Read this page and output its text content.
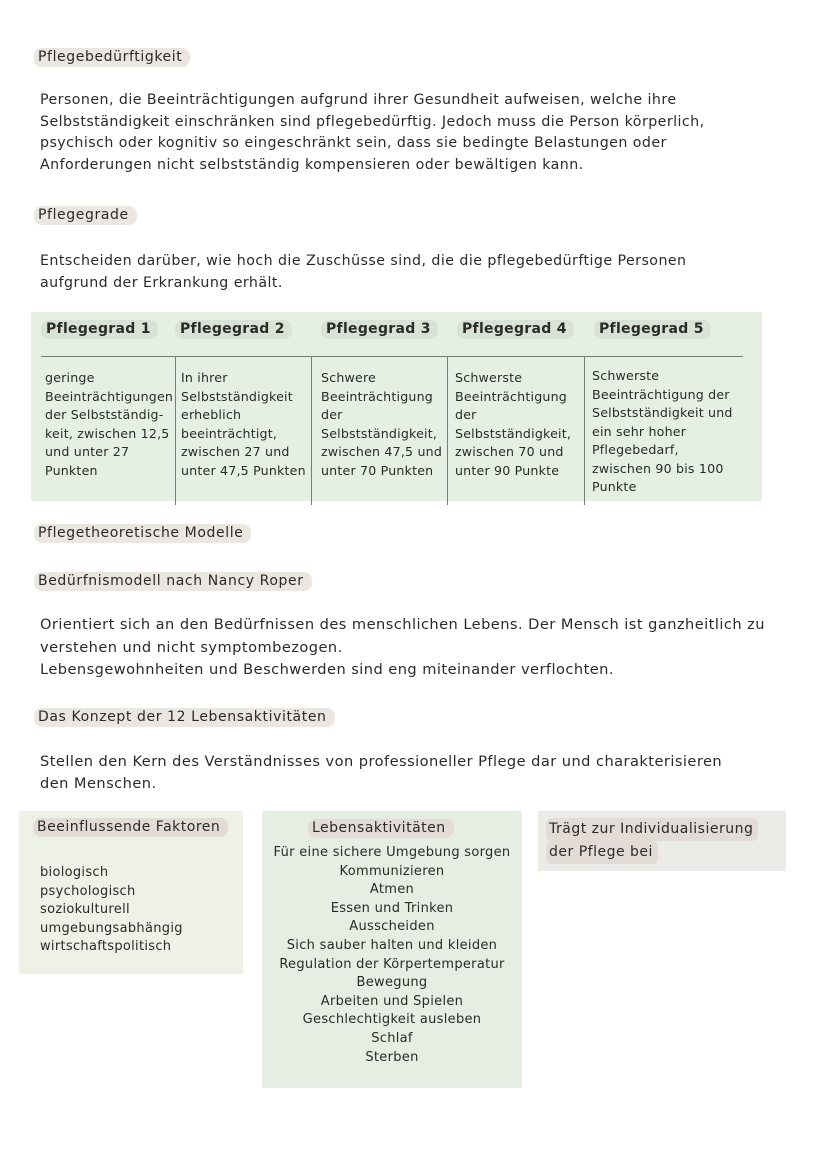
Pflegebedürftigkeit

Personen, die Beeinträchtigungen aufgrund ihrer Gesundheit aufweisen, welche ihre
Selbstständigkeit einschränken sind pflegebedürftig. Jedoch muss die Person körperlich,
psychisch oder kognitiv so eingeschränkt sein, dass sie bedingte Belastungen oder
Anforderungen nicht selbstständig kompensieren oder bewältigen kann.

Pflegegrade

Entscheiden darüber, wie hoch die Zuschüsse sind, die die pflegebedürftige Personen
aufgrund der Erkrankung erhält.

Pflegegrad 1

geringe
Beeinträchtigungen
der Selbstständig-
keit, zwischen 12,5
und unter 27
Punkten

Pflegegrad 2

In ihrer
Selbstständigkeit
erheblich
beeinträchtigt,
zwischen 27 und
unter 47,5 Punkten

Pflegegrad 3

Schwere
Beeinträchtigung
der
Selbstständigkeit,
zwischen 47,5 und
unter 70 Punkten

Pflegegrad 4

Schwerste
Beeinträchtigung
der
Selbstständigkeit,
zwischen 70 und
unter 90 Punkte

Pflegegrad 5

Schwerste
Beeinträchtigung der
Selbstständigkeit und
ein sehr hoher
Pflegebedarf,
zwischen 90 bis 100
Punkte

Pflegetheoretische Modelle
Bedürfnismodell nach Nancy Roper

Orientiert sich an den Bedürfnissen des menschlichen Lebens. Der Mensch ist ganzheitlich zu
verstehen und nicht symptombezogen.
Lebensgewohnheiten und Beschwerden sind eng miteinander verflochten.

Das Konzept der 12 Lebensaktivitäten

Stellen den Kern des Verständnisses von professioneller Pflege dar und charakterisieren
den Menschen.

Beeinflussende Faktoren
biologisch
psychologisch
soziokulturell
umgebungsabhängig
wirtschaftspolitisch
Lebensaktivitäten
Für eine sichere Umgebung sorgen
Kommunizieren
Atmen
Essen und Trinken
Ausscheiden
Sich sauber halten und kleiden
Regulation der Körpertemperatur
Bewegung
Arbeiten und Spielen
Geschlechtigkeit ausleben
Schlaf
Sterben
Trägt zur Individualisierung
der Pflege bei
